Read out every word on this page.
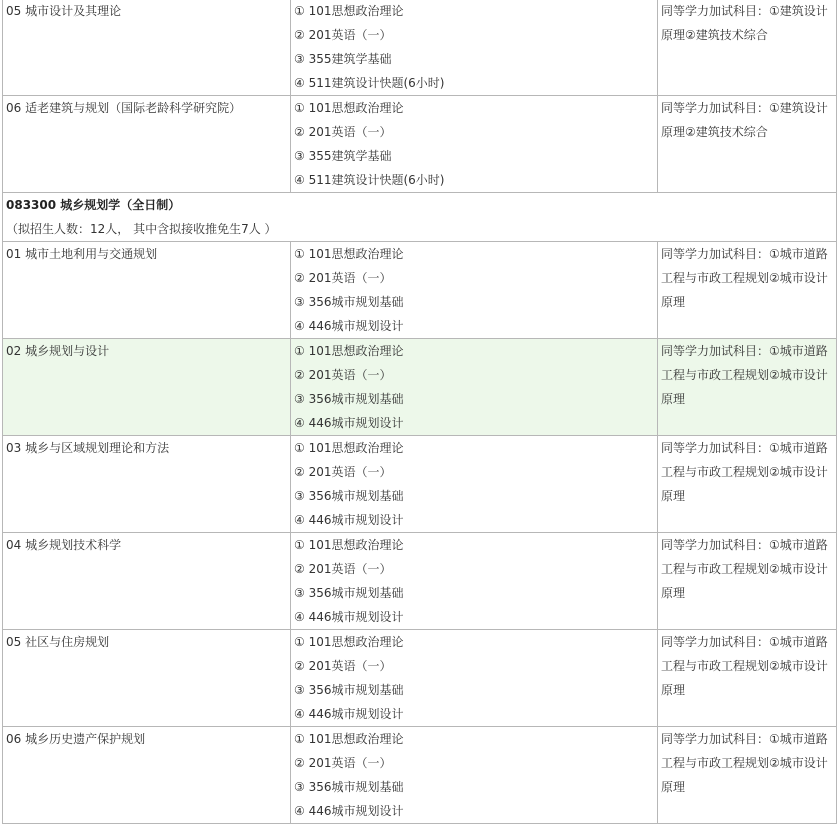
05 城市设计及其理论	① 101思想政治理论
② 201英语（一）
③ 355建筑学基础
④ 511建筑设计快题(6小时)	同等学力加试科目：①建筑设计原理②建筑技术综合
06 适老建筑与规划（国际老龄科学研究院）	① 101思想政治理论
② 201英语（一）
③ 355建筑学基础
④ 511建筑设计快题(6小时)	同等学力加试科目：①建筑设计原理②建筑技术综合
083300 城乡规划学（全日制）		
（拟招生人数：12人， 其中含拟接收推免生7人 ）		
01 城市土地利用与交通规划	① 101思想政治理论
② 201英语（一）
③ 356城市规划基础
④ 446城市规划设计	同等学力加试科目：①城市道路工程与市政工程规划②城市设计原理
02 城乡规划与设计	① 101思想政治理论
② 201英语（一）
③ 356城市规划基础
④ 446城市规划设计	同等学力加试科目：①城市道路工程与市政工程规划②城市设计原理
03 城乡与区域规划理论和方法	① 101思想政治理论
② 201英语（一）
③ 356城市规划基础
④ 446城市规划设计	同等学力加试科目：①城市道路工程与市政工程规划②城市设计原理
04 城乡规划技术科学	① 101思想政治理论
② 201英语（一）
③ 356城市规划基础
④ 446城市规划设计	同等学力加试科目：①城市道路工程与市政工程规划②城市设计原理
05 社区与住房规划	① 101思想政治理论
② 201英语（一）
③ 356城市规划基础
④ 446城市规划设计	同等学力加试科目：①城市道路工程与市政工程规划②城市设计原理
06 城乡历史遗产保护规划	① 101思想政治理论
② 201英语（一）
③ 356城市规划基础
④ 446城市规划设计	同等学力加试科目：①城市道路工程与市政工程规划②城市设计原理
